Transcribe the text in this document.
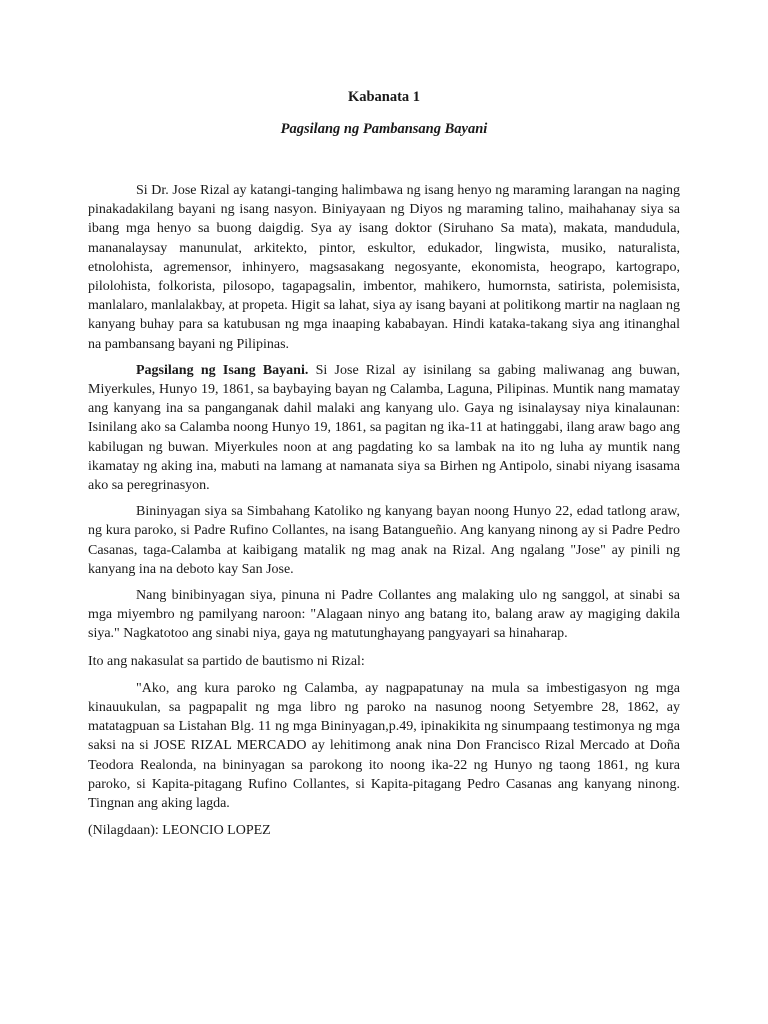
Kabanata 1
Pagsilang ng Pambansang Bayani

Si Dr. Jose Rizal ay katangi-tanging halimbawa ng isang henyo ng maraming larangan na naging pinakadakilang bayani ng isang nasyon. Biniyayaan ng Diyos ng maraming talino, maihahanay siya sa ibang mga henyo sa buong daigdig. Sya ay isang doktor (Siruhano Sa mata), makata, mandudula, mananalaysay manunulat, arkitekto, pintor, eskultor, edukador, lingwista, musiko, naturalista, etnolohista, agremensor, inhinyero, magsasakang negosyante, ekonomista, heograpo, kartograpo, pilolohista, folkorista, pilosopo, tagapagsalin, imbentor, mahikero, humornsta, satirista, polemisista, manlalaro, manlalakbay, at propeta. Higit sa lahat, siya ay isang bayani at politikong martir na naglaan ng kanyang buhay para sa katubusan ng mga inaaping kababayan. Hindi kataka-takang siya ang itinanghal na pambansang bayani ng Pilipinas.

Pagsilang ng Isang Bayani. Si Jose Rizal ay isinilang sa gabing maliwanag ang buwan, Miyerkules, Hunyo 19, 1861, sa baybaying bayan ng Calamba, Laguna, Pilipinas. Muntik nang mamatay ang kanyang ina sa panganganak dahil malaki ang kanyang ulo. Gaya ng isinalaysay niya kinalaunan: Isinilang ako sa Calamba noong Hunyo 19, 1861, sa pagitan ng ika-11 at hatinggabi, ilang araw bago ang kabilugan ng buwan. Miyerkules noon at ang pagdating ko sa lambak na ito ng luha ay muntik nang ikamatay ng aking ina, mabuti na lamang at namanata siya sa Birhen ng Antipolo, sinabi niyang isasama ako sa peregrinasyon.

Bininyagan siya sa Simbahang Katoliko ng kanyang bayan noong Hunyo 22, edad tatlong araw, ng kura paroko, si Padre Rufino Collantes, na isang Batangueñio. Ang kanyang ninong ay si Padre Pedro Casanas, taga-Calamba at kaibigang matalik ng mag anak na Rizal. Ang ngalang "Jose" ay pinili ng kanyang ina na deboto kay San Jose.

Nang binibinyagan siya, pinuna ni Padre Collantes ang malaking ulo ng sanggol, at sinabi sa mga miyembro ng pamilyang naroon: "Alagaan ninyo ang batang ito, balang araw ay magiging dakila siya." Nagkatotoo ang sinabi niya, gaya ng matutunghayang pangyayari sa hinaharap.

Ito ang nakasulat sa partido de bautismo ni Rizal:

"Ako, ang kura paroko ng Calamba, ay nagpapatunay na mula sa imbestigasyon ng mga kinauukulan, sa pagpapalit ng mga libro ng paroko na nasunog noong Setyembre 28, 1862, ay matatagpuan sa Listahan Blg. 11 ng mga Bininyagan,p.49, ipinakikita ng sinumpaang testimonya ng mga saksi na si JOSE RIZAL MERCADO ay lehitimong anak nina Don Francisco Rizal Mercado at Doña Teodora Realonda, na bininyagan sa parokong ito noong ika-22 ng Hunyo ng taong 1861, ng kura paroko, si Kapita-pitagang Rufino Collantes, si Kapita-pitagang Pedro Casanas ang kanyang ninong. Tingnan ang aking lagda.

(Nilagdaan): LEONCIO LOPEZ
